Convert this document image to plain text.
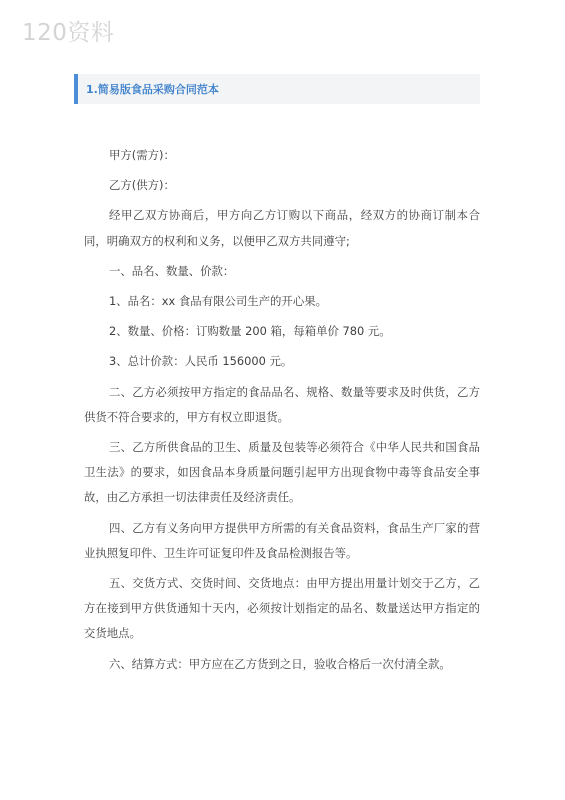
120资料
1.简易版食品采购合同范本

甲方(需方)：

乙方(供方)：

经甲乙双方协商后，甲方向乙方订购以下商品，经双方的协商订制本合同，明确双方的权利和义务，以便甲乙双方共同遵守;

一、品名、数量、价款：

1、品名：xx 食品有限公司生产的开心果。

2、数量、价格：订购数量 200 箱，每箱单价 780 元。

3、总计价款：人民币 156000 元。

二、乙方必须按甲方指定的食品品名、规格、数量等要求及时供货，乙方供货不符合要求的，甲方有权立即退货。

三、乙方所供食品的卫生、质量及包装等必须符合《中华人民共和国食品卫生法》的要求，如因食品本身质量问题引起甲方出现食物中毒等食品安全事故，由乙方承担一切法律责任及经济责任。

四、乙方有义务向甲方提供甲方所需的有关食品资料，食品生产厂家的营业执照复印件、卫生许可证复印件及食品检测报告等。

五、交货方式、交货时间、交货地点：由甲方提出用量计划交于乙方，乙方在接到甲方供货通知十天内，必须按计划指定的品名、数量送达甲方指定的交货地点。

六、结算方式：甲方应在乙方货到之日，验收合格后一次付清全款。
